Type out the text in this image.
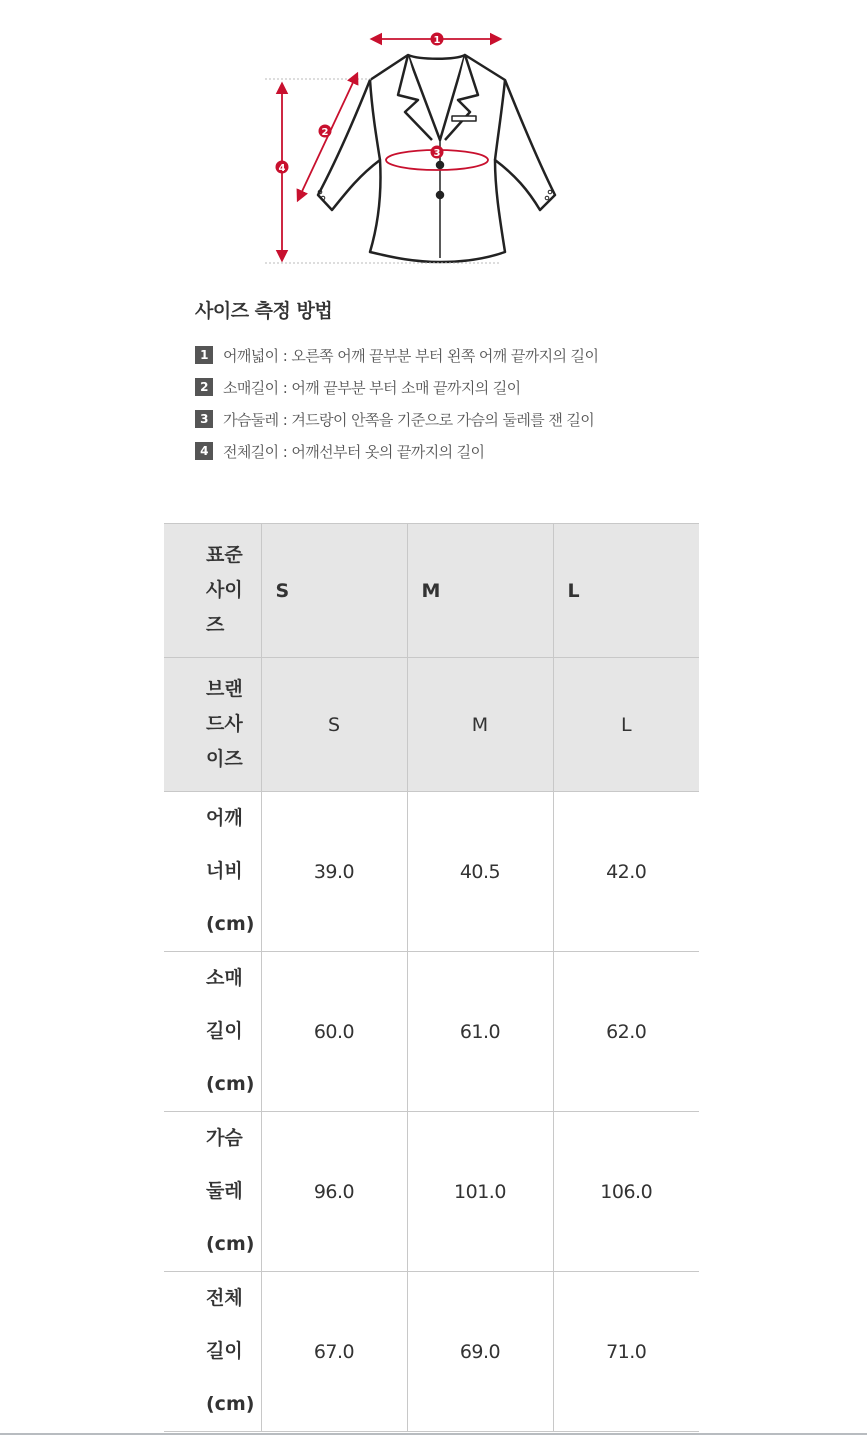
1
2
3
4
사이즈 측정 방법
1	어깨넓이 : 오른쪽 어깨 끝부분 부터 왼쪽 어깨 끝까지의 길이
2	소매길이 : 어깨 끝부분 부터 소매 끝까지의 길이
3	가슴둘레 : 겨드랑이 안쪽을 기준으로 가슴의 둘레를 잰 길이
4	전체길이 : 어깨선부터 옷의 끝까지의 길이
표준사이즈	S	M	L
브랜드사이즈	S	M	L
어깨너비(cm)	39.0	40.5	42.0
소매길이(cm)	60.0	61.0	62.0
가슴둘레(cm)	96.0	101.0	106.0
전체길이(cm)	67.0	69.0	71.0
